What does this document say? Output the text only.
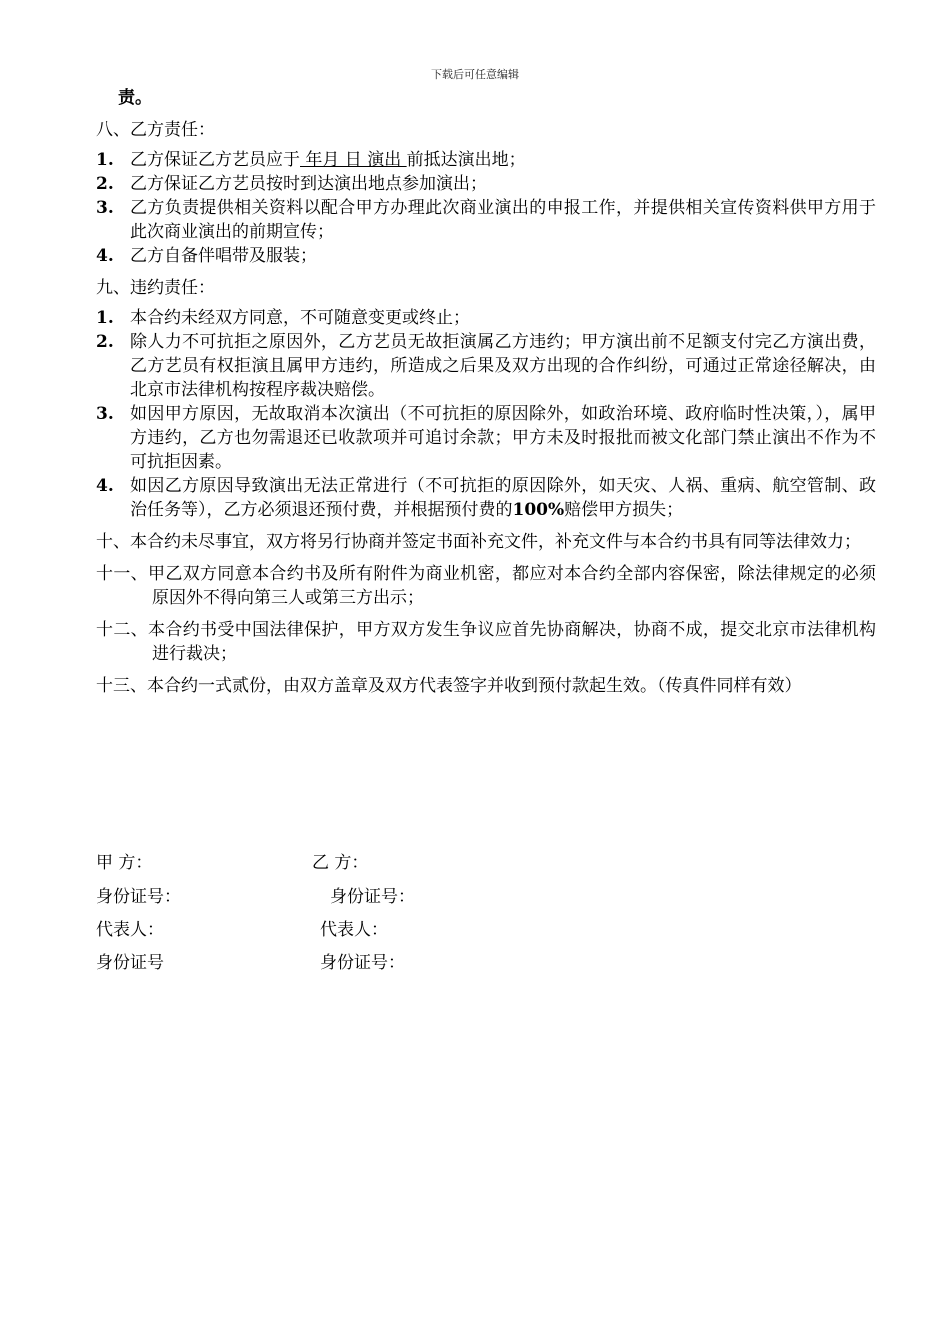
下载后可任意编辑
责。
八、乙方责任：
1. 乙方保证乙方艺员应于 年月 日 演出 前抵达演出地；
2. 乙方保证乙方艺员按时到达演出地点参加演出；
3. 乙方负责提供相关资料以配合甲方办理此次商业演出的申报工作，并提供相关宣传资料供甲方用于此次商业演出的前期宣传；
4. 乙方自备伴唱带及服装；
九、违约责任：
1. 本合约未经双方同意，不可随意变更或终止；
2. 除人力不可抗拒之原因外，乙方艺员无故拒演属乙方违约；甲方演出前不足额支付完乙方演出费，乙方艺员有权拒演且属甲方违约，所造成之后果及双方出现的合作纠纷，可通过正常途径解决，由北京市法律机构按程序裁决赔偿。
3. 如因甲方原因，无故取消本次演出（不可抗拒的原因除外，如政治环境、政府临时性决策，），属甲方违约，乙方也勿需退还已收款项并可追讨余款；甲方未及时报批而被文化部门禁止演出不作为不可抗拒因素。
4. 如因乙方原因导致演出无法正常进行（不可抗拒的原因除外，如天灾、人祸、重病、航空管制、政治任务等），乙方必须退还预付费，并根据预付费的100%赔偿甲方损失；
十、本合约未尽事宜，双方将另行协商并签定书面补充文件，补充文件与本合约书具有同等法律效力；
十一、甲乙双方同意本合约书及所有附件为商业机密，都应对本合约全部内容保密，除法律规定的必须原因外不得向第三人或第三方出示；
十二、本合约书受中国法律保护，甲方双方发生争议应首先协商解决，协商不成，提交北京市法律机构进行裁决；
十三、本合约一式贰份，由双方盖章及双方代表签字并收到预付款起生效。（传真件同样有效）
甲 方：	乙 方：
身份证号：	身份证号：
代表人：	代表人：
身份证号	身份证号：
